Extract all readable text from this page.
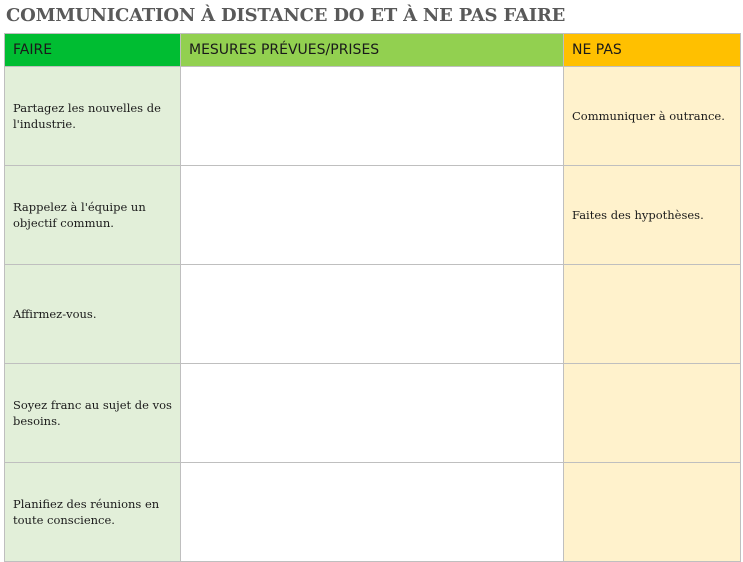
COMMUNICATION À DISTANCE DO ET À NE PAS FAIRE
FAIRE	MESURES PRÉVUES/PRISES	NE PAS
Partagez les nouvelles de l'industrie.		Communiquer à outrance.
Rappelez à l'équipe un objectif commun.		Faites des hypothèses.
Affirmez-vous.		
Soyez franc au sujet de vos besoins.		
Planifiez des réunions en toute conscience.		
